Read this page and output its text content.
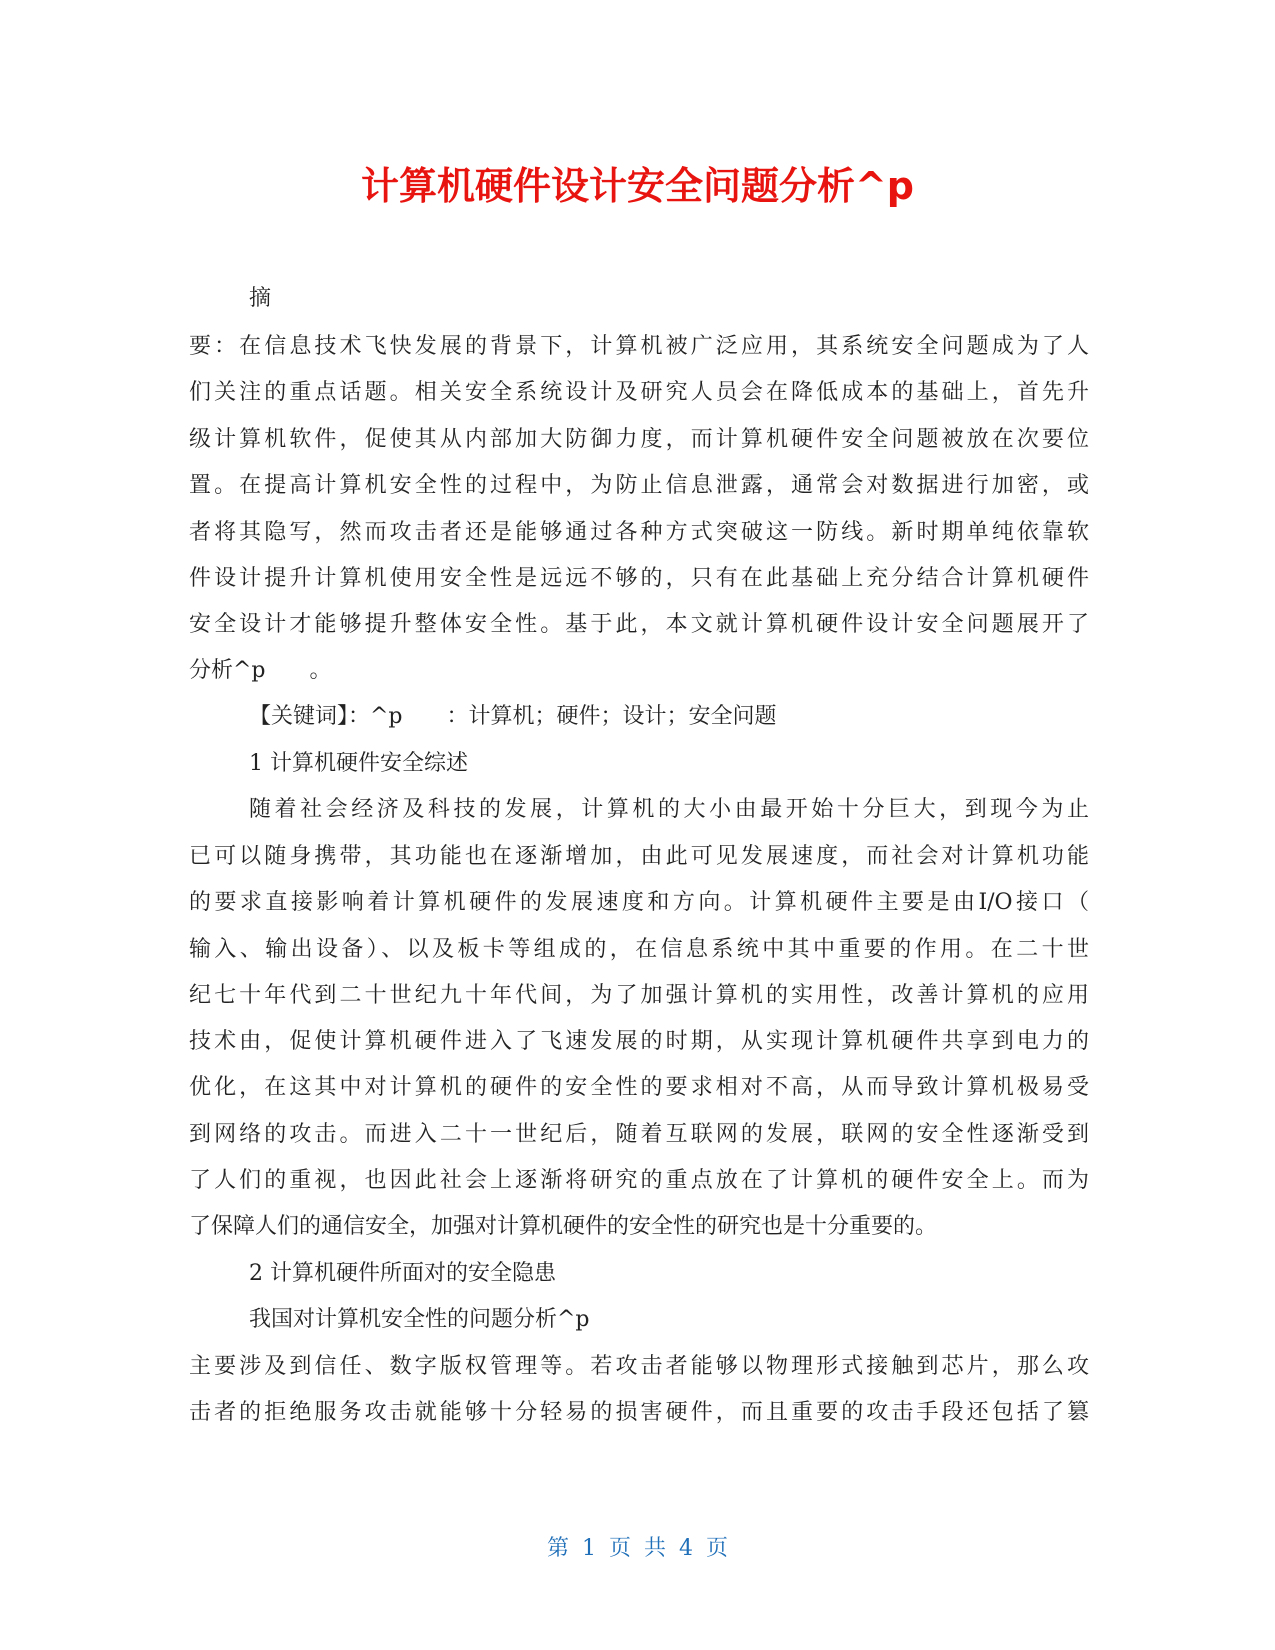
计算机硬件设计安全问题分析^p
摘
要：在信息技术飞快发展的背景下，计算机被广泛应用，其系统安全问题成为了人
们关注的重点话题。相关安全系统设计及研究人员会在降低成本的基础上，首先升
级计算机软件，促使其从内部加大防御力度，而计算机硬件安全问题被放在次要位
置。在提高计算机安全性的过程中，为防止信息泄露，通常会对数据进行加密，或
者将其隐写，然而攻击者还是能够通过各种方式突破这一防线。新时期单纯依靠软
件设计提升计算机使用安全性是远远不够的，只有在此基础上充分结合计算机硬件
安全设计才能够提升整体安全性。基于此，本文就计算机硬件设计安全问题展开了
分析^p　　。
【关键词】：^p　　：计算机；硬件；设计；安全问题
1 计算机硬件安全综述
随着社会经济及科技的发展，计算机的大小由最开始十分巨大，到现今为止
已可以随身携带，其功能也在逐渐增加，由此可见发展速度，而社会对计算机功能
的要求直接影响着计算机硬件的发展速度和方向。计算机硬件主要是由I/O接口（
输入、输出设备）、以及板卡等组成的，在信息系统中其中重要的作用。在二十世
纪七十年代到二十世纪九十年代间，为了加强计算机的实用性，改善计算机的应用
技术由，促使计算机硬件进入了飞速发展的时期，从实现计算机硬件共享到电力的
优化，在这其中对计算机的硬件的安全性的要求相对不高，从而导致计算机极易受
到网络的攻击。而进入二十一世纪后，随着互联网的发展，联网的安全性逐渐受到
了人们的重视，也因此社会上逐渐将研究的重点放在了计算机的硬件安全上。而为
了保障人们的通信安全，加强对计算机硬件的安全性的研究也是十分重要的。
2 计算机硬件所面对的安全隐患
我国对计算机安全性的问题分析^p
主要涉及到信任、数字版权管理等。若攻击者能够以物理形式接触到芯片，那么攻
击者的拒绝服务攻击就能够十分轻易的损害硬件，而且重要的攻击手段还包括了篡
第 1 页 共 4 页
